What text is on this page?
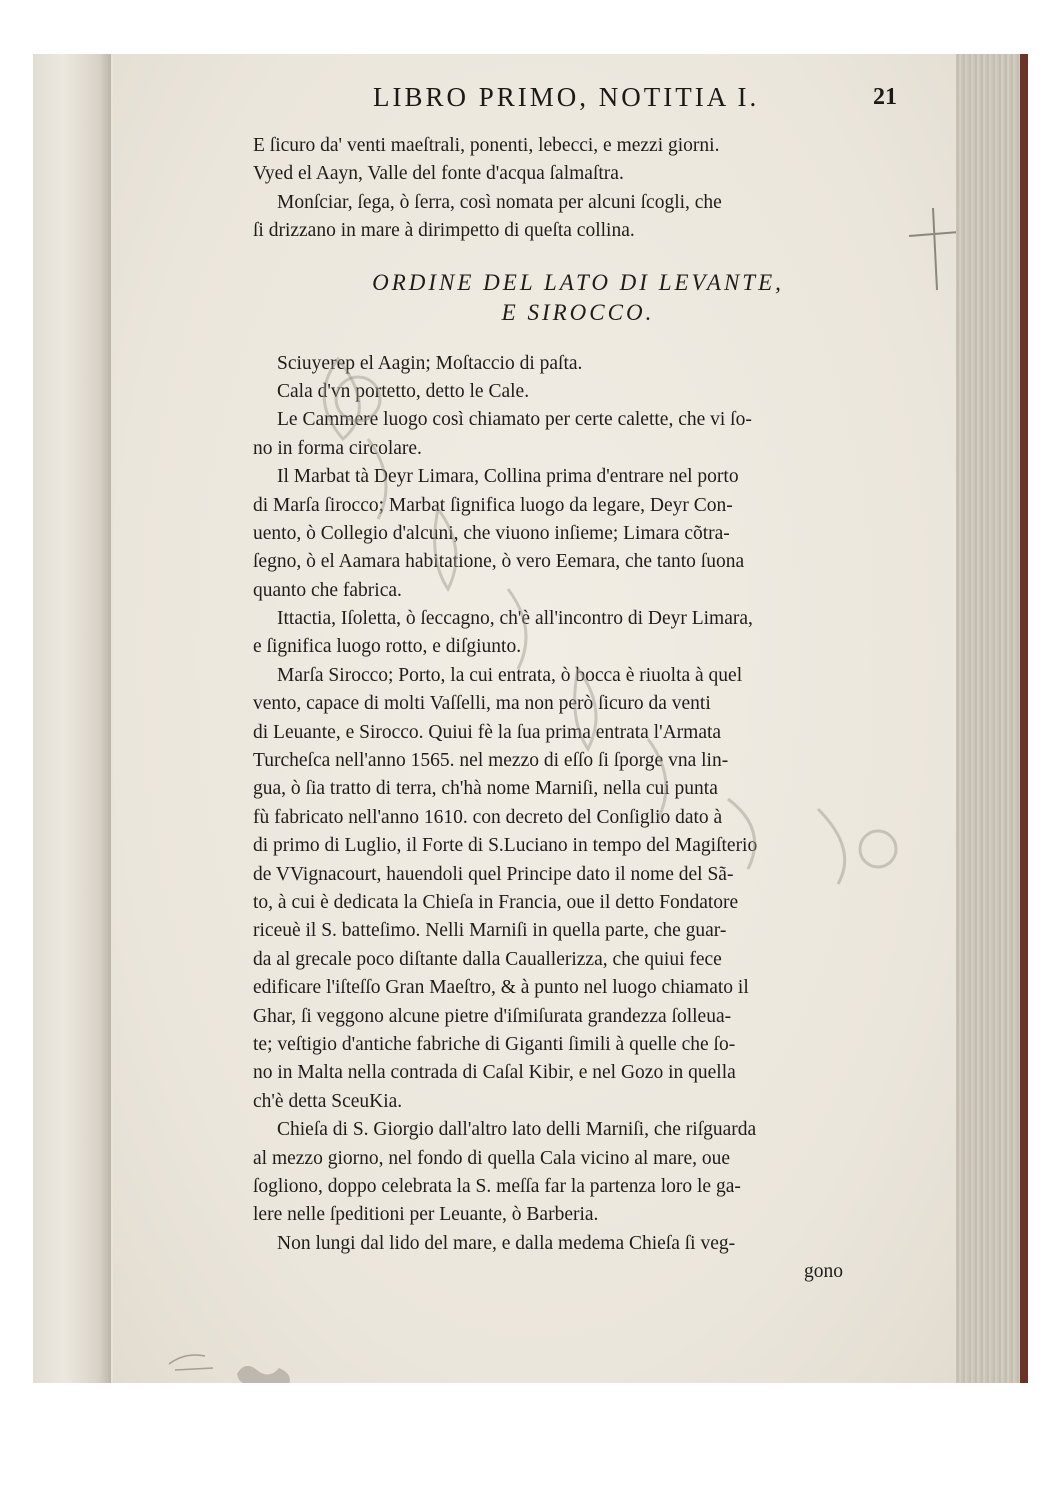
LIBRO PRIMO, NOTITIA I.	21
E ſicuro da' venti maeſtrali, ponenti, lebecci, e mezzi giorni.
Vyed el Aayn, Valle del fonte d'acqua ſalmaſtra.
Monſciar, ſega, ò ſerra, così nomata per alcuni ſcogli, che
ſi drizzano in mare à dirimpetto di queſta collina.
ORDINE DEL LATO DI LEVANTE,
E SIROCCO.
Sciuyerep el Aagin; Moſtaccio di paſta.
Cala d'vn portetto, detto le Cale.
Le Cammere luogo così chiamato per certe calette, che vi ſo-
no in forma circolare.
Il Marbat tà Deyr Limara, Collina prima d'entrare nel porto
di Marſa ſirocco; Marbat ſignifica luogo da legare, Deyr Con-
uento, ò Collegio d'alcuni, che viuono inſieme; Limara cõtra-
ſegno, ò el Aamara habitatione, ò vero Eemara, che tanto ſuona
quanto che fabrica.
Ittactia, Iſoletta, ò ſeccagno, ch'è all'incontro di Deyr Limara,
e ſignifica luogo rotto, e diſgiunto.
Marſa Sirocco; Porto, la cui entrata, ò bocca è riuolta à quel
vento, capace di molti Vaſſelli, ma non però ſicuro da venti
di Leuante, e Sirocco. Quiui fè la ſua prima entrata l'Armata
Turcheſca nell'anno 1565. nel mezzo di eſſo ſi ſporge vna lin-
gua, ò ſia tratto di terra, ch'hà nome Marniſi, nella cui punta
fù fabricato nell'anno 1610. con decreto del Conſiglio dato à
di primo di Luglio, il Forte di S.Luciano in tempo del Magiſterio
de VVignacourt, hauendoli quel Principe dato il nome del Sã-
to, à cui è dedicata la Chieſa in Francia, oue il detto Fondatore
riceuè il S. batteſimo. Nelli Marniſi in quella parte, che guar-
da al grecale poco diſtante dalla Cauallerizza, che quiui fece
edificare l'iſteſſo Gran Maeſtro, & à punto nel luogo chiamato il
Ghar, ſi veggono alcune pietre d'iſmiſurata grandezza ſolleua-
te; veſtigio d'antiche fabriche di Giganti ſimili à quelle che ſo-
no in Malta nella contrada di Caſal Kibir, e nel Gozo in quella
ch'è detta SceuKia.
Chieſa di S. Giorgio dall'altro lato delli Marniſi, che riſguarda
al mezzo giorno, nel fondo di quella Cala vicino al mare, oue
ſogliono, doppo celebrata la S. meſſa far la partenza loro le ga-
lere nelle ſpeditioni per Leuante, ò Barberia.
Non lungi dal lido del mare, e dalla medema Chieſa ſi veg-
gono
